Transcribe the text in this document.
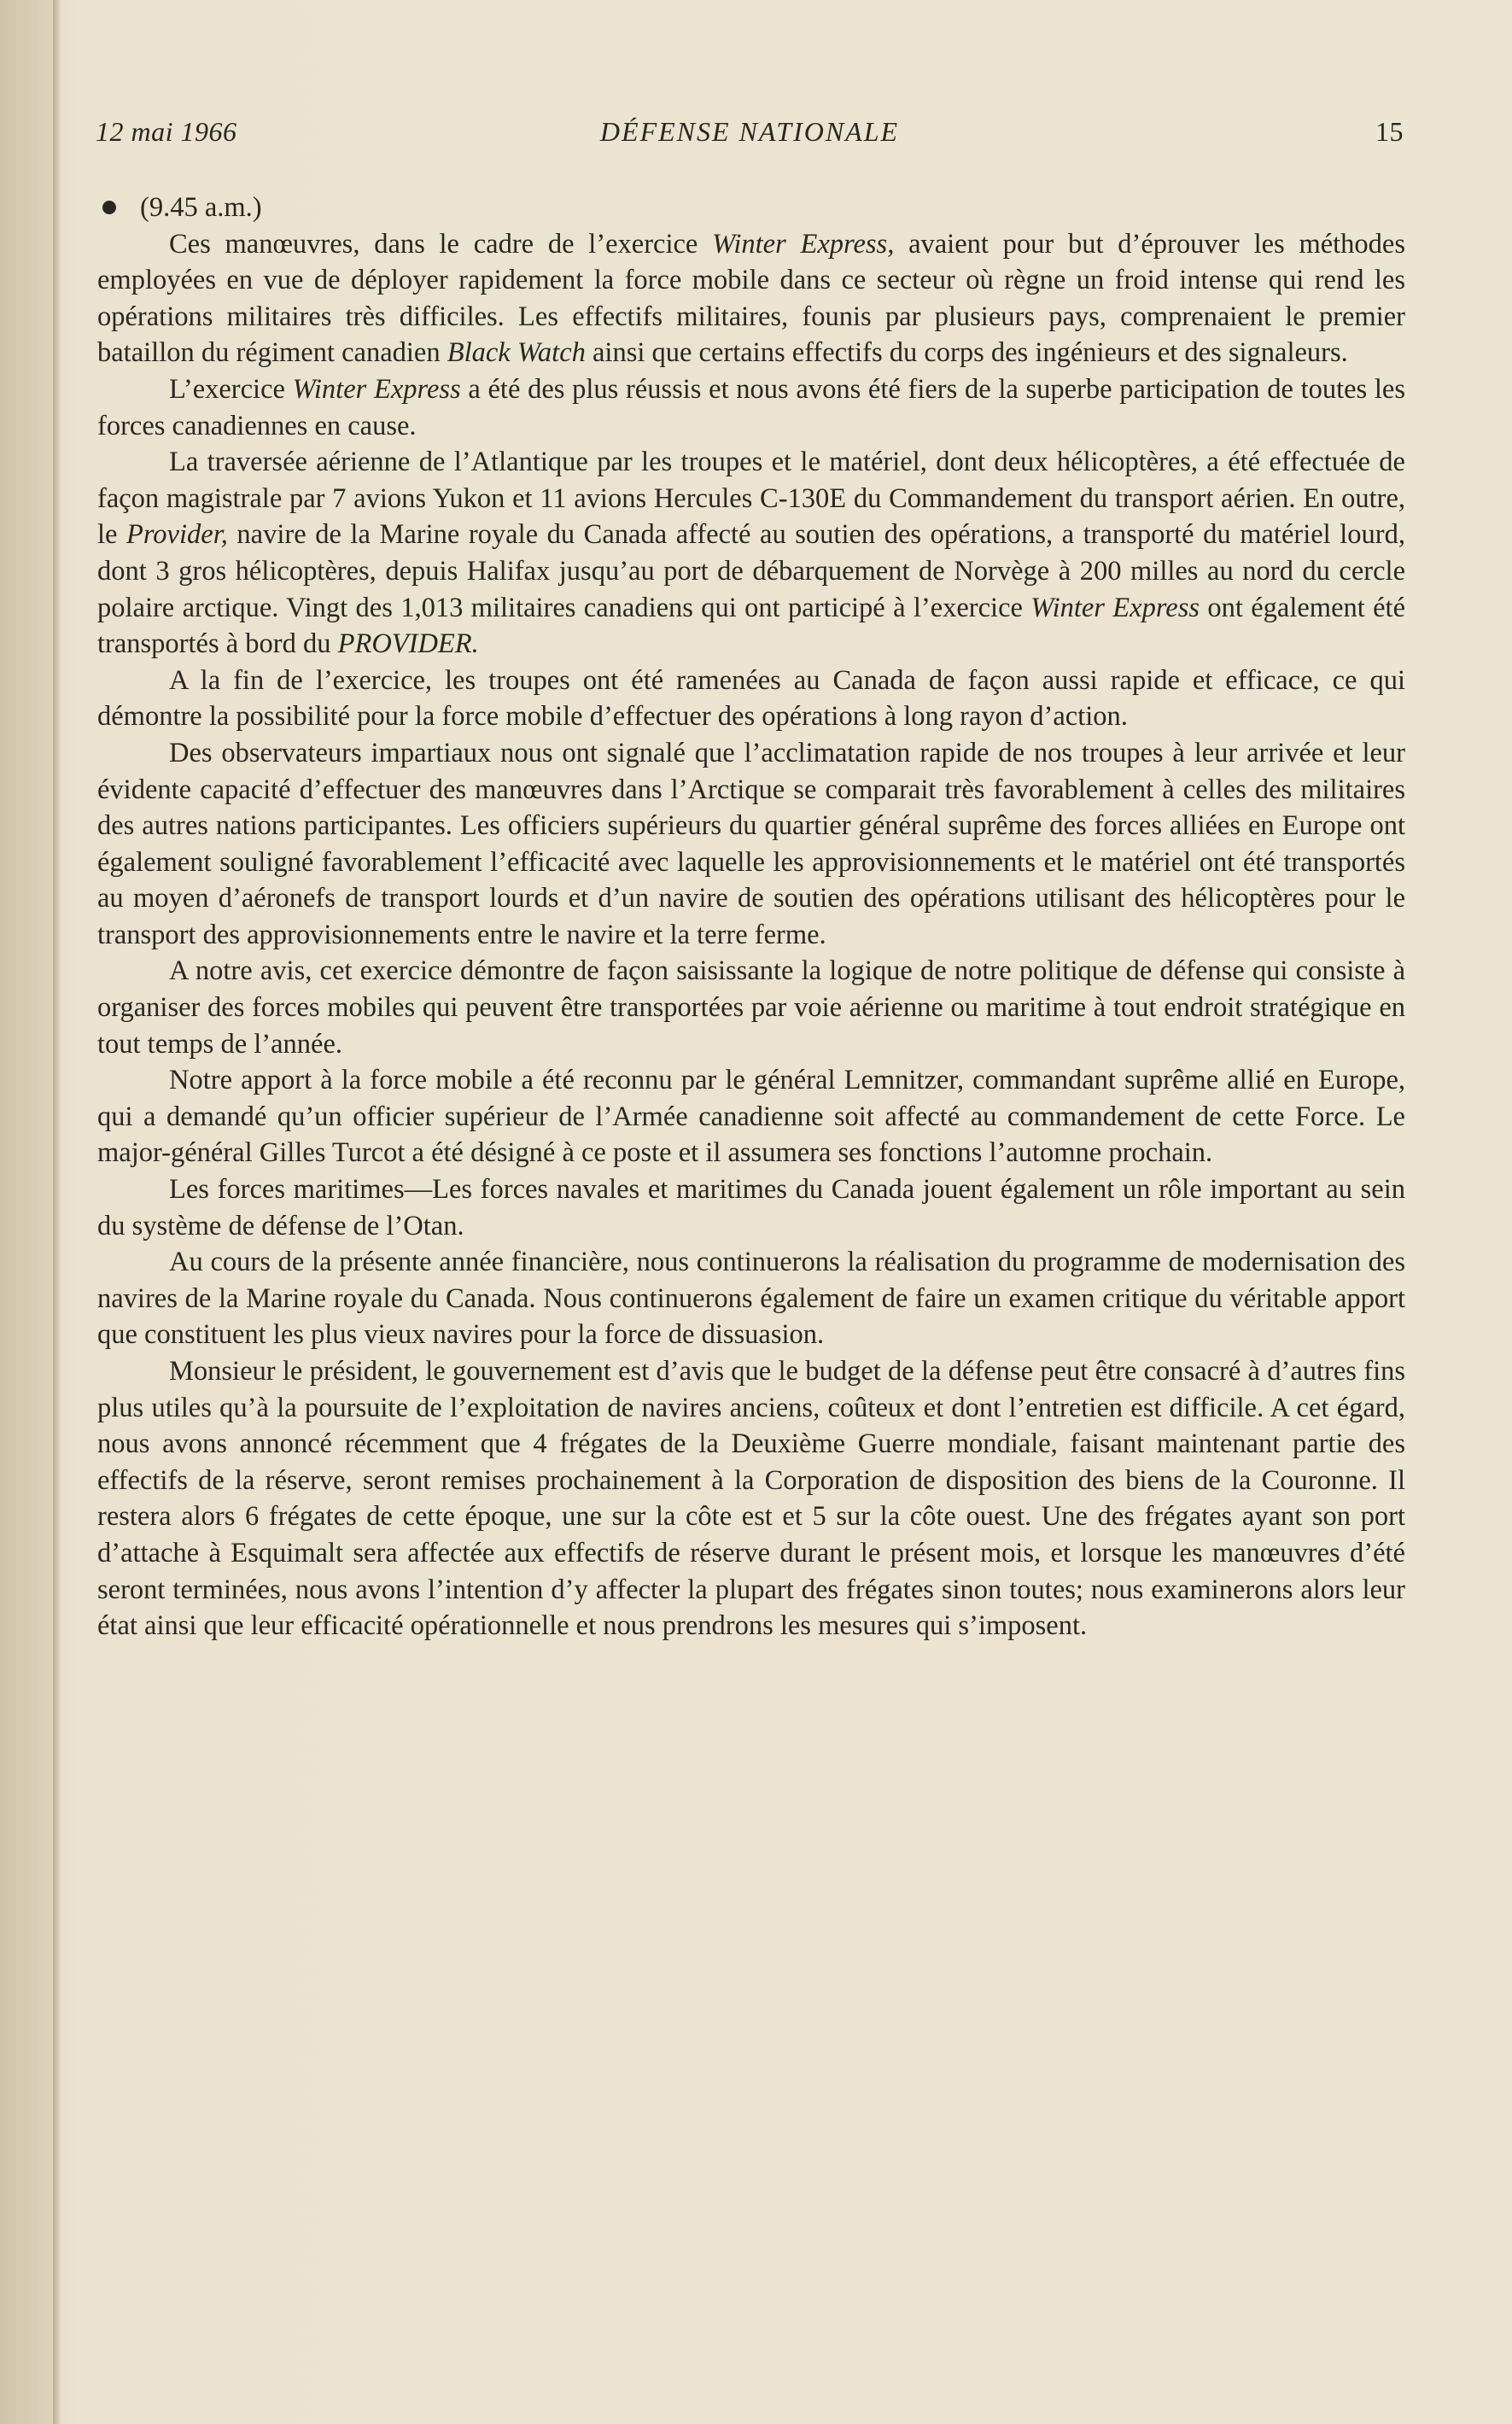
12 mai 1966	DÉFENSE NATIONALE	15

(9.45 a.m.)

Ces manœuvres, dans le cadre de l’exercice Winter Express, avaient pour but d’éprouver les méthodes employées en vue de déployer rapidement la force mobile dans ce secteur où règne un froid intense qui rend les opérations militaires très difficiles. Les effectifs militaires, founis par plusieurs pays, comprenaient le premier bataillon du régiment canadien Black Watch ainsi que certains effectifs du corps des ingénieurs et des signaleurs.

L’exercice Winter Express a été des plus réussis et nous avons été fiers de la superbe participation de toutes les forces canadiennes en cause.

La traversée aérienne de l’Atlantique par les troupes et le matériel, dont deux hélicoptères, a été effectuée de façon magistrale par 7 avions Yukon et 11 avions Hercules C-130E du Commandement du transport aérien. En outre, le Provider, navire de la Marine royale du Canada affecté au soutien des opérations, a transporté du matériel lourd, dont 3 gros hélicoptères, depuis Halifax jusqu’au port de débarquement de Norvège à 200 milles au nord du cercle polaire arctique. Vingt des 1,013 militaires canadiens qui ont participé à l’exercice Winter Express ont également été transportés à bord du PROVIDER.

A la fin de l’exercice, les troupes ont été ramenées au Canada de façon aussi rapide et efficace, ce qui démontre la possibilité pour la force mobile d’effectuer des opérations à long rayon d’action.

Des observateurs impartiaux nous ont signalé que l’acclimatation rapide de nos troupes à leur arrivée et leur évidente capacité d’effectuer des manœuvres dans l’Arctique se comparait très favorablement à celles des militaires des autres nations participantes. Les officiers supérieurs du quartier général suprême des forces alliées en Europe ont également souligné favorablement l’efficacité avec laquelle les approvisionnements et le matériel ont été transportés au moyen d’aéronefs de transport lourds et d’un navire de soutien des opérations utilisant des hélicoptères pour le transport des approvisionnements entre le navire et la terre ferme.

A notre avis, cet exercice démontre de façon saisissante la logique de notre politique de défense qui consiste à organiser des forces mobiles qui peuvent être transportées par voie aérienne ou maritime à tout endroit stratégique en tout temps de l’année.

Notre apport à la force mobile a été reconnu par le général Lemnitzer, commandant suprême allié en Europe, qui a demandé qu’un officier supérieur de l’Armée canadienne soit affecté au commandement de cette Force. Le major-général Gilles Turcot a été désigné à ce poste et il assumera ses fonctions l’automne prochain.

Les forces maritimes—Les forces navales et maritimes du Canada jouent également un rôle important au sein du système de défense de l’Otan.

Au cours de la présente année financière, nous continuerons la réalisation du programme de modernisation des navires de la Marine royale du Canada. Nous continuerons également de faire un examen critique du véritable apport que constituent les plus vieux navires pour la force de dissuasion.

Monsieur le président, le gouvernement est d’avis que le budget de la défense peut être consacré à d’autres fins plus utiles qu’à la poursuite de l’exploitation de navires anciens, coûteux et dont l’entretien est difficile. A cet égard, nous avons annoncé récemment que 4 frégates de la Deuxième Guerre mondiale, faisant maintenant partie des effectifs de la réserve, seront remises prochainement à la Corporation de disposition des biens de la Couronne. Il restera alors 6 frégates de cette époque, une sur la côte est et 5 sur la côte ouest. Une des frégates ayant son port d’attache à Esquimalt sera affectée aux effectifs de réserve durant le présent mois, et lorsque les manœuvres d’été seront terminées, nous avons l’intention d’y affecter la plupart des frégates sinon toutes; nous examinerons alors leur état ainsi que leur efficacité opérationnelle et nous prendrons les mesures qui s’imposent.
